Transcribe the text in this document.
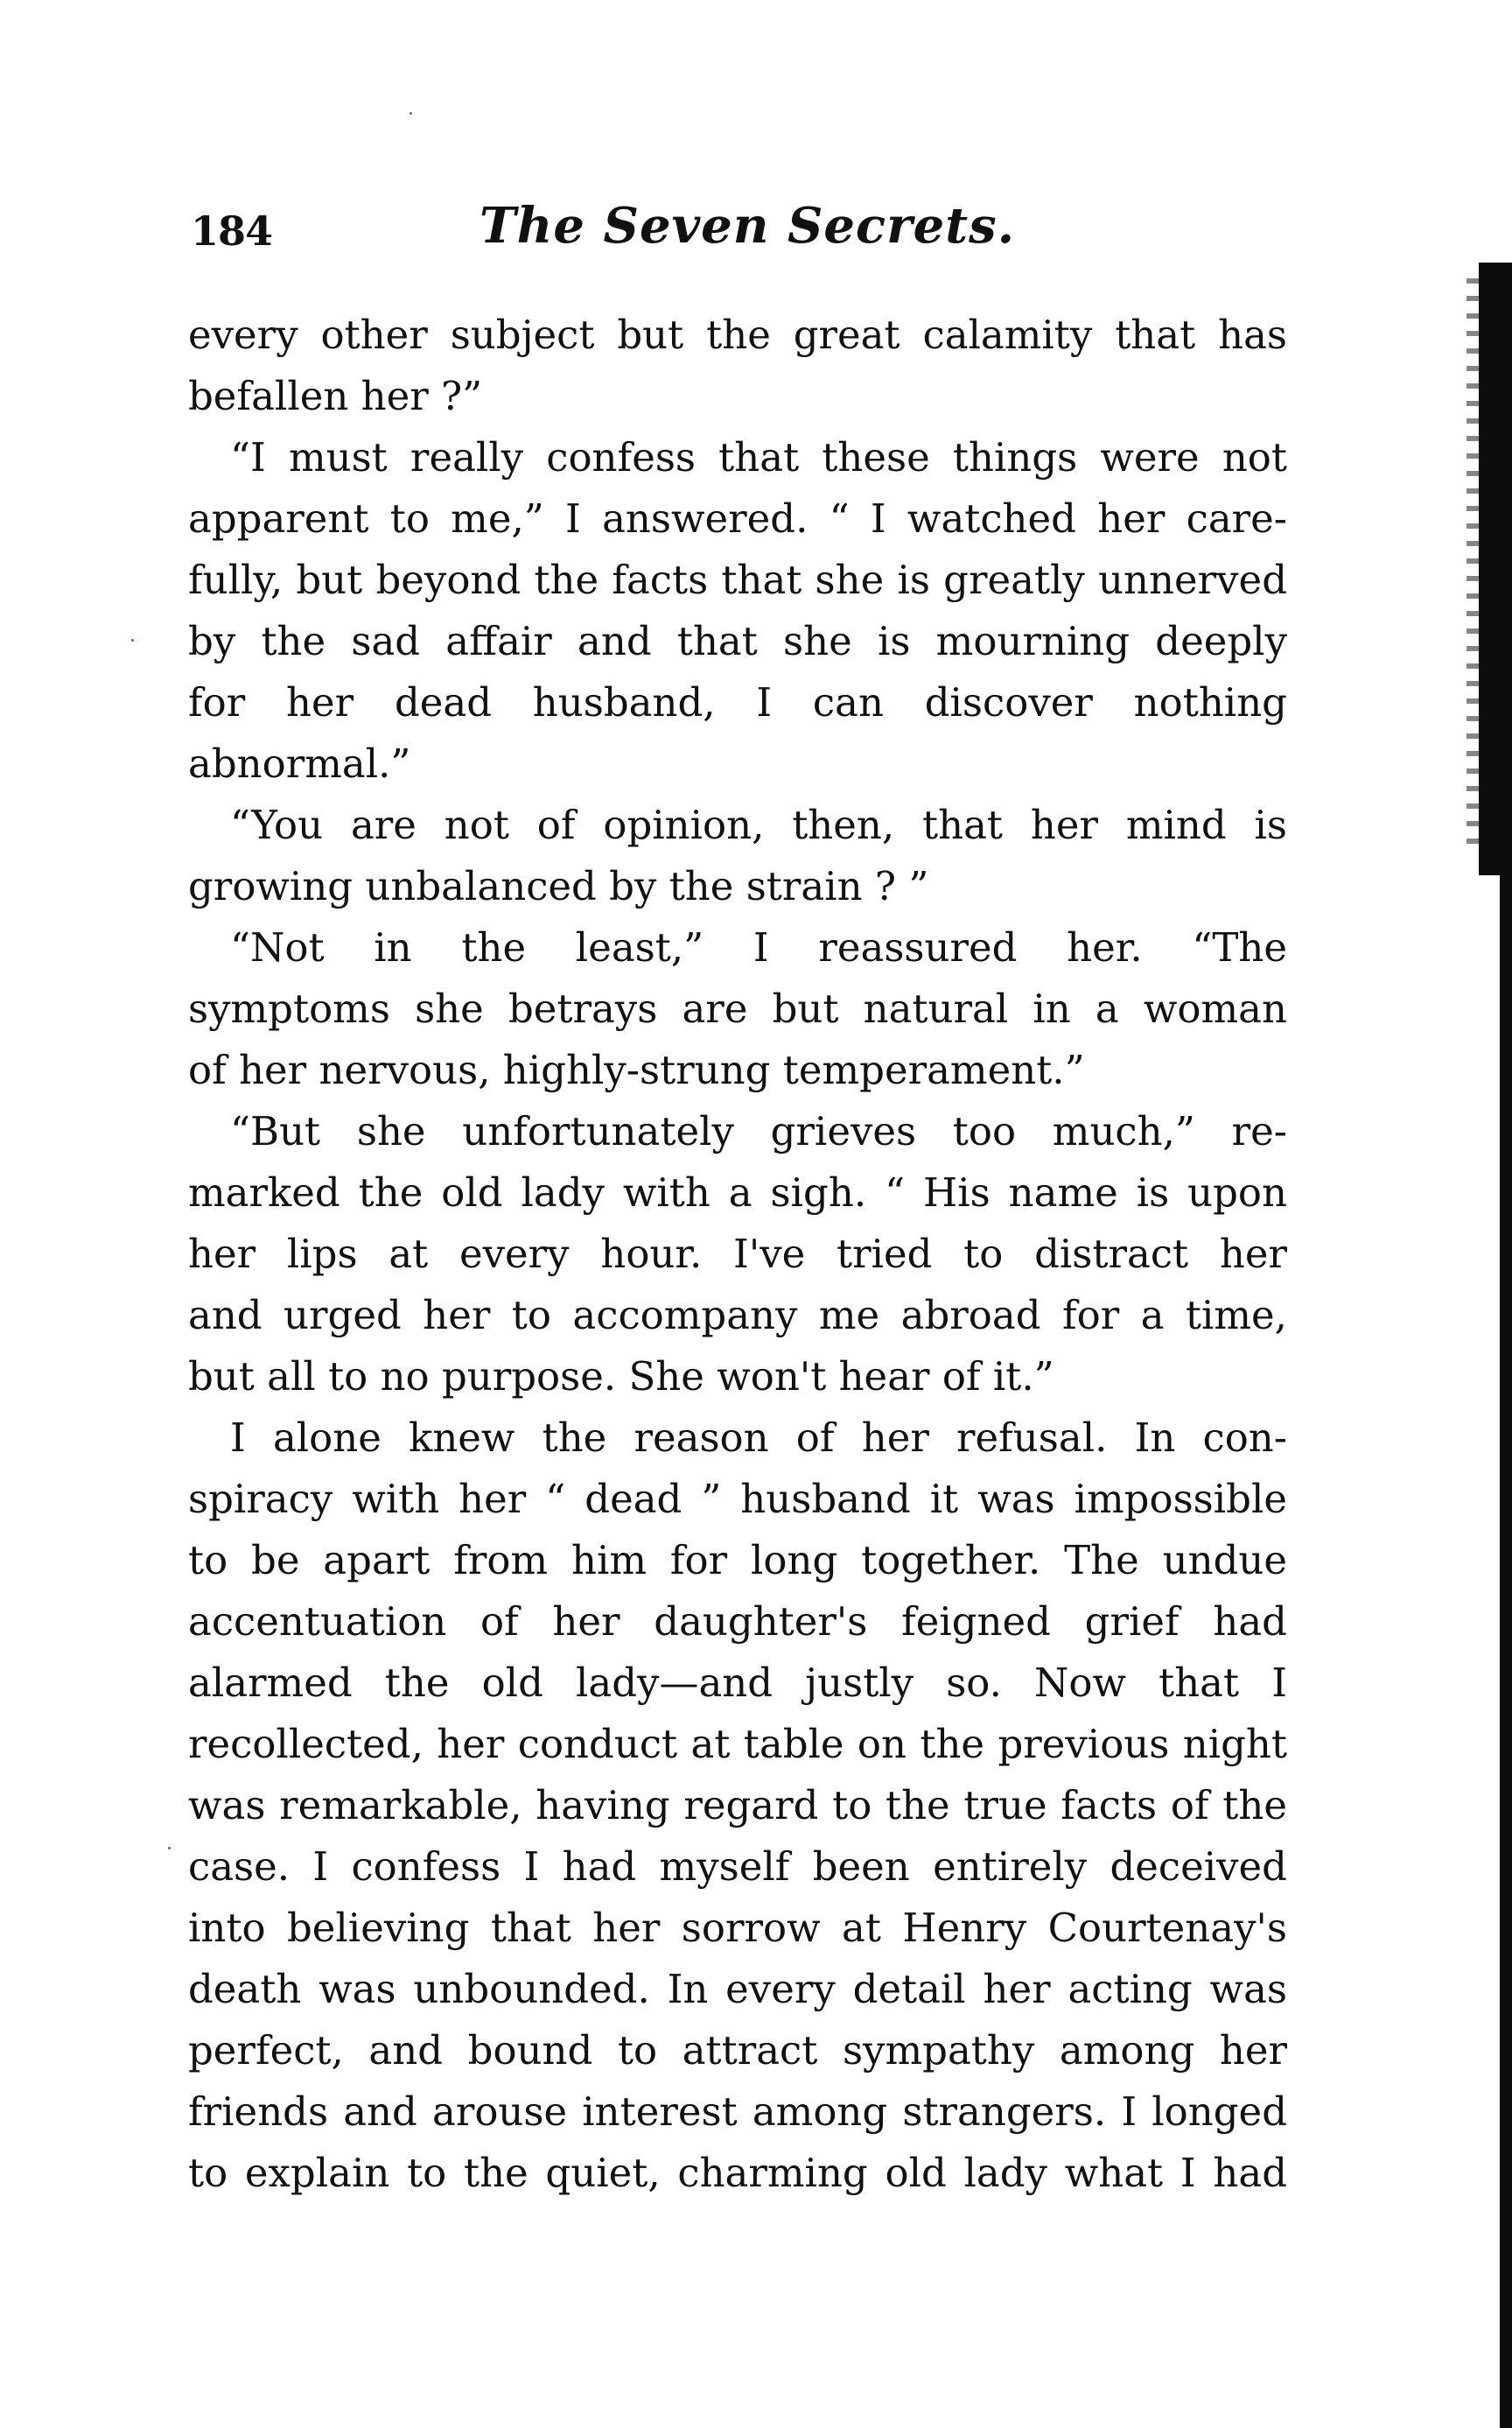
184	The Seven Secrets.
every other subject but the great calamity that has
befallen her ?”
“I must really confess that these things were not
apparent to me,” I answered. “ I watched her care-
fully, but beyond the facts that she is greatly unnerved
by the sad affair and that she is mourning deeply
for her dead husband, I can discover nothing
abnormal.”
“You are not of opinion, then, that her mind is
growing unbalanced by the strain ? ”
“Not in the least,” I reassured her. “The
symptoms she betrays are but natural in a woman
of her nervous, highly-strung temperament.”
“But she unfortunately grieves too much,” re-
marked the old lady with a sigh. “ His name is upon
her lips at every hour. I've tried to distract her
and urged her to accompany me abroad for a time,
but all to no purpose. She won't hear of it.”
I alone knew the reason of her refusal. In con-
spiracy with her “ dead ” husband it was impossible
to be apart from him for long together. The undue
accentuation of her daughter's feigned grief had
alarmed the old lady—and justly so. Now that I
recollected, her conduct at table on the previous night
was remarkable, having regard to the true facts of the
case. I confess I had myself been entirely deceived
into believing that her sorrow at Henry Courtenay's
death was unbounded. In every detail her acting was
perfect, and bound to attract sympathy among her
friends and arouse interest among strangers. I longed
to explain to the quiet, charming old lady what I had
